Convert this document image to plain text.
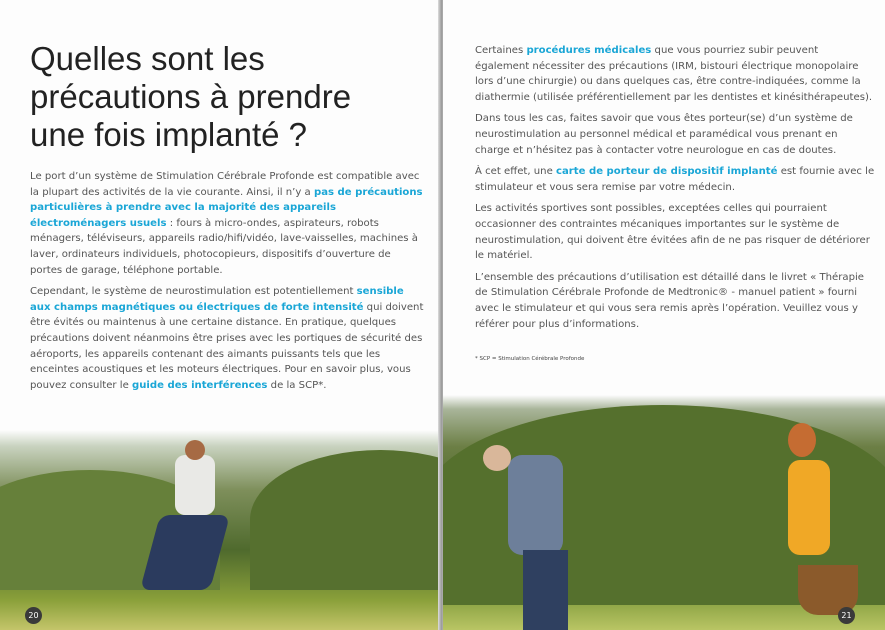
Quelles sont les précautions à prendre une fois implanté ?

Le port d’un système de Stimulation Cérébrale Profonde est compatible avec la plupart des activités de la vie courante. Ainsi, il n’y a pas de précautions particulières à prendre avec la majorité des appareils électroménagers usuels : fours à micro-ondes, aspirateurs, robots ménagers, téléviseurs, appareils radio/hifi/vidéo, lave-vaisselles, machines à laver, ordinateurs individuels, photocopieurs, dispositifs d’ouverture de portes de garage, téléphone portable.

Cependant, le système de neurostimulation est potentiellement sensible aux champs magnétiques ou électriques de forte intensité qui doivent être évités ou maintenus à une certaine distance. En pratique, quelques précautions doivent néanmoins être prises avec les portiques de sécurité des aéroports, les appareils contenant des aimants puissants tels que les enceintes acoustiques et les moteurs électriques. Pour en savoir plus, vous pouvez consulter le guide des interférences de la SCP*.

20

Certaines procédures médicales que vous pourriez subir peuvent également nécessiter des précautions (IRM, bistouri électrique monopolaire lors d’une chirurgie) ou dans quelques cas, être contre-indiquées, comme la diathermie (utilisée préférentiellement par les dentistes et kinésithérapeutes).

Dans tous les cas, faites savoir que vous êtes porteur(se) d’un système de neurostimulation au personnel médical et paramédical vous prenant en charge et n’hésitez pas à contacter votre neurologue en cas de doutes.

À cet effet, une carte de porteur de dispositif implanté est fournie avec le stimulateur et vous sera remise par votre médecin.

Les activités sportives sont possibles, exceptées celles qui pourraient occasionner des contraintes mécaniques importantes sur le système de neurostimulation, qui doivent être évitées afin de ne pas risquer de détériorer le matériel.

L’ensemble des précautions d’utilisation est détaillé dans le livret « Thérapie de Stimulation Cérébrale Profonde de Medtronic® - manuel patient » fourni avec le stimulateur et qui vous sera remis après l’opération. Veuillez vous y référer pour plus d’informations.

* SCP = Stimulation Cérébrale Profonde
21
